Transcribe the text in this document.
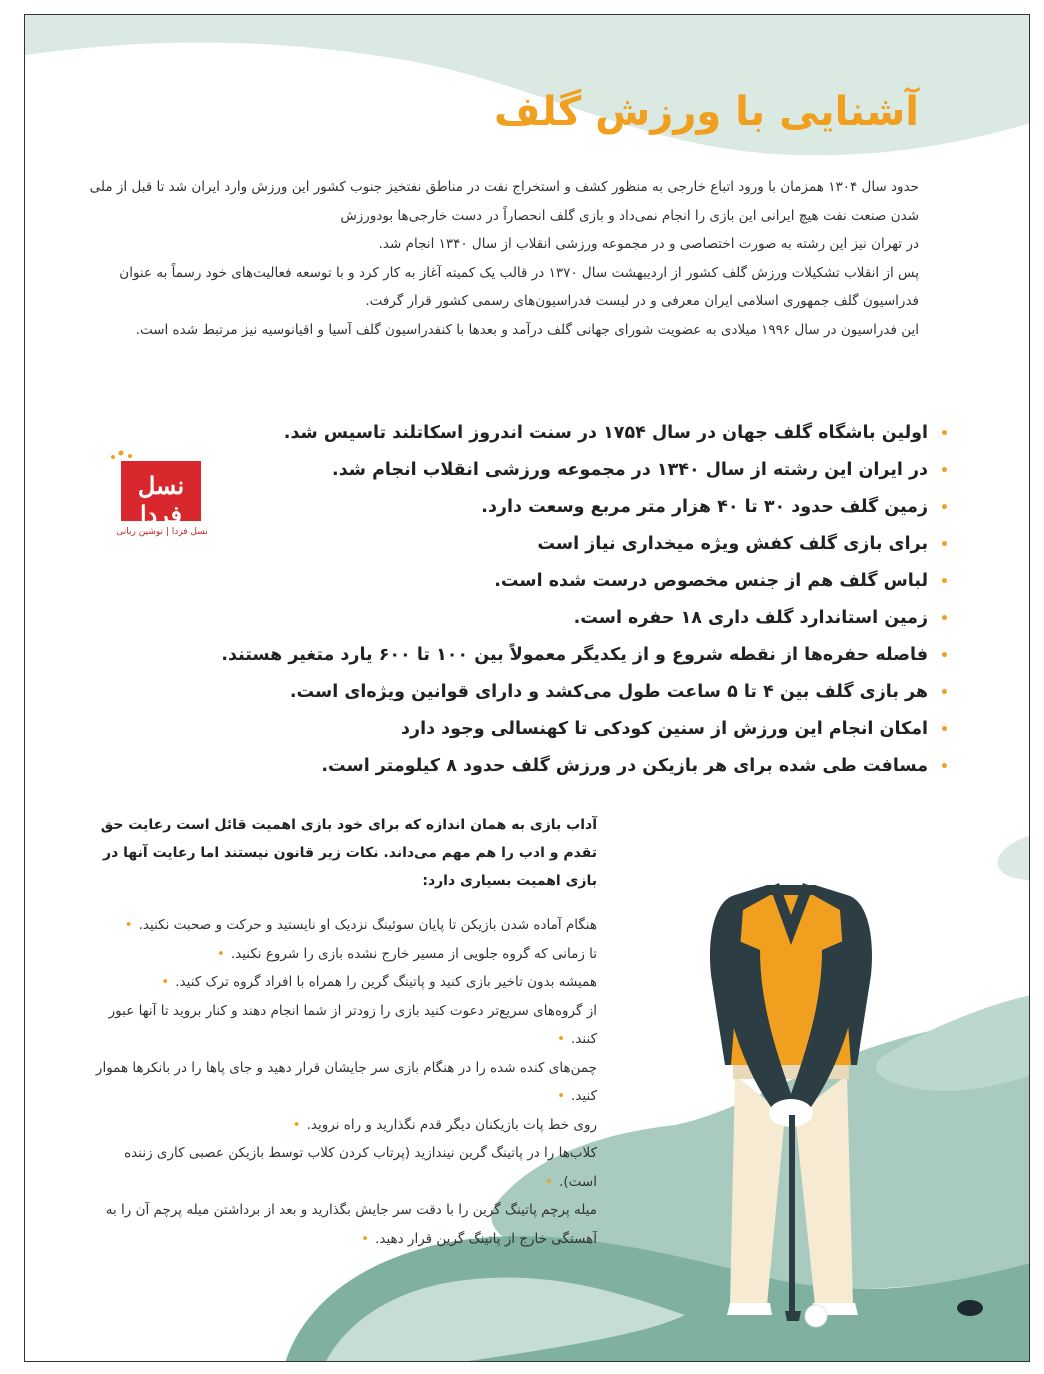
آشنایی با ورزش گلف

حدود سال ۱۳۰۴ همزمان با ورود اتباع خارجی به منظور کشف و استخراج نفت در مناطق نفتخیز جنوب کشور این ورزش وارد ایران شد تا قبل از ملی شدن صنعت نفت هیچ ایرانی این بازی را انجام نمی‌داد و بازی گلف انحصاراً در دست خارجی‌ها بودورزش

در تهران نیز این رشته به صورت اختصاصی و در مجموعه ورزشی انقلاب از سال ۱۳۴۰ انجام شد.

پس از انقلاب تشکیلات ورزش گلف کشور از اردیبهشت سال ۱۳۷۰ در قالب یک کمیته آغاز به کار کرد و با توسعه فعالیت‌های خود رسماً به عنوان فدراسیون گلف جمهوری اسلامی ایران معرفی و در لیست فدراسیون‌های رسمی کشور قرار گرفت.

این فدراسیون در سال ۱۹۹۶ میلادی به عضویت شورای جهانی گلف درآمد و بعدها با کنفدراسیون گلف آسیا و اقیانوسیه نیز مرتبط شده است.

نسل فردا
نسل فردا | نوشین ربانی
•اولین باشگاه گلف جهان در سال ۱۷۵۴ در سنت اندروز اسکاتلند تاسیس شد.
•در ایران این رشته از سال ۱۳۴۰ در مجموعه ورزشی انقلاب انجام شد.
•زمین گلف حدود ۳۰ تا ۴۰ هزار متر مربع وسعت دارد.
•برای بازی گلف کفش ویژه میخداری نیاز است
•لباس گلف هم از جنس مخصوص درست شده است.
•زمین استاندارد گلف داری ۱۸ حفره است.
•فاصله حفره‌ها از نقطه شروع و از یکدیگر معمولاً بین ۱۰۰ تا ۶۰۰ یارد متغیر هستند.
•هر بازی گلف بین ۴ تا ۵ ساعت طول می‌کشد و دارای قوانین ویژه‌ای است.
•امکان انجام این ورزش از سنین کودکی تا کهنسالی وجود دارد
•مسافت طی شده برای هر بازیکن در ورزش گلف حدود ۸ کیلومتر است.

آداب بازی به همان اندازه که برای خود بازی اهمیت قائل است رعایت حق تقدم و ادب را هم مهم می‌داند. نکات زیر قانون نیستند اما رعایت آنها در بازی اهمیت بسیاری دارد:

هنگام آماده شدن بازیکن تا پایان سوئینگ نزدیک او نایستید و حرکت و صحبت نکنید.•
تا زمانی که گروه جلویی از مسیر خارج نشده بازی را شروع نکنید.•
همیشه بدون تاخیر بازی کنید و پاتینگ گرین را همراه با افراد گروه ترک کنید.•
از گروه‌های سریع‌تر دعوت کنید بازی را زودتر از شما انجام دهند و کنار بروید تا آنها عبور کنند.•
چمن‌های کنده شده را در هنگام بازی سر جایشان قرار دهید و جای پاها را در بانکرها هموار کنید.•
روی خط پات بازیکنان دیگر قدم نگذارید و راه نروید.•
کلاب‌ها را در پاتینگ گرین نیندازید (پرتاب کردن کلاب توسط بازیکن عصبی کاری زننده است).•
میله پرچم پاتینگ گرین را با دقت سر جایش بگذارید و بعد از برداشتن میله پرچم آن را به آهستگی خارج از پاتینگ گرین قرار دهید.•
